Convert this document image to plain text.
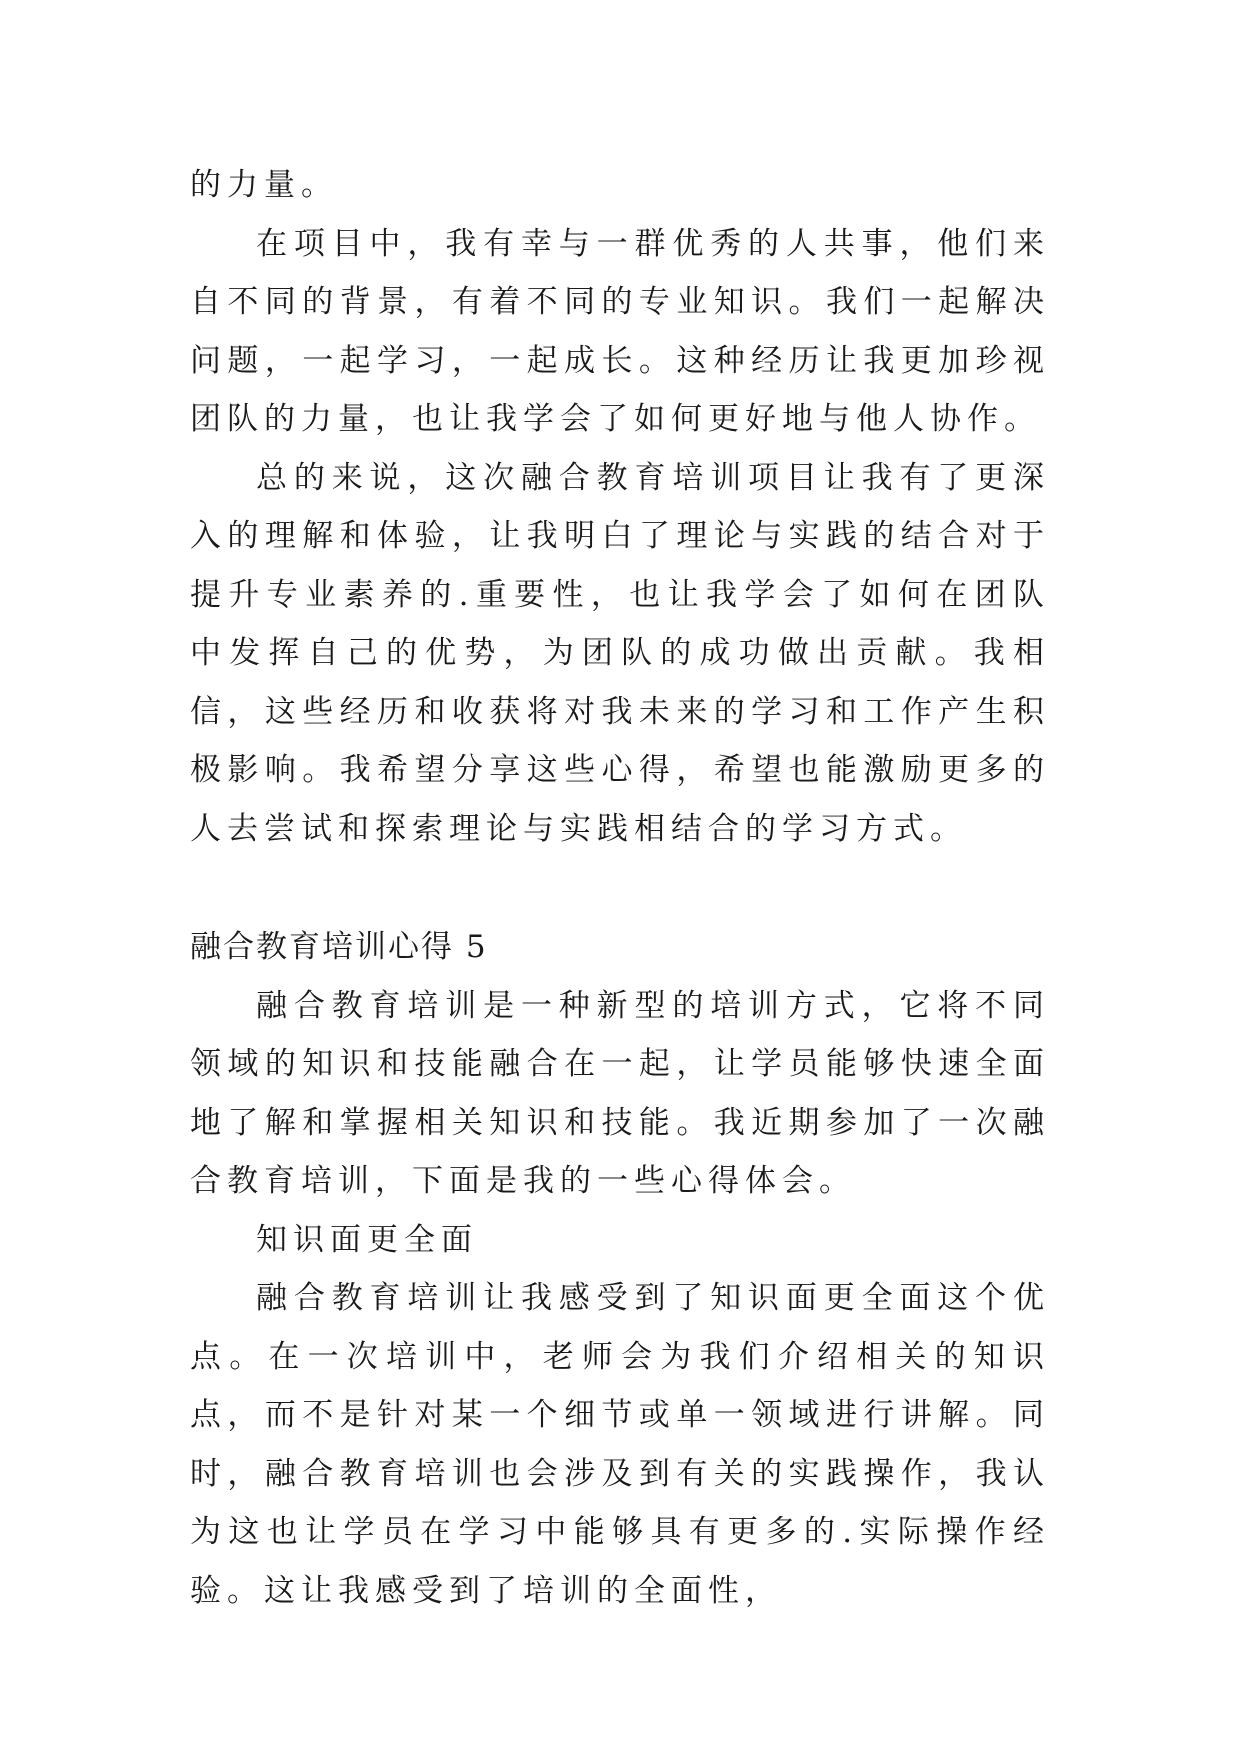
的力量。

在项目中，我有幸与一群优秀的人共事，他们来自不同的背景，有着不同的专业知识。我们一起解决问题，一起学习，一起成长。这种经历让我更加珍视团队的力量，也让我学会了如何更好地与他人协作。

总的来说，这次融合教育培训项目让我有了更深入的理解和体验，让我明白了理论与实践的结合对于提升专业素养的.重要性，也让我学会了如何在团队中发挥自己的优势，为团队的成功做出贡献。我相信，这些经历和收获将对我未来的学习和工作产生积极影响。我希望分享这些心得，希望也能激励更多的人去尝试和探索理论与实践相结合的学习方式。

融合教育培训心得 5

融合教育培训是一种新型的培训方式，它将不同领域的知识和技能融合在一起，让学员能够快速全面地了解和掌握相关知识和技能。我近期参加了一次融合教育培训，下面是我的一些心得体会。

知识面更全面

融合教育培训让我感受到了知识面更全面这个优点。在一次培训中，老师会为我们介绍相关的知识点，而不是针对某一个细节或单一领域进行讲解。同时，融合教育培训也会涉及到有关的实践操作，我认为这也让学员在学习中能够具有更多的.实际操作经验。这让我感受到了培训的全面性，
